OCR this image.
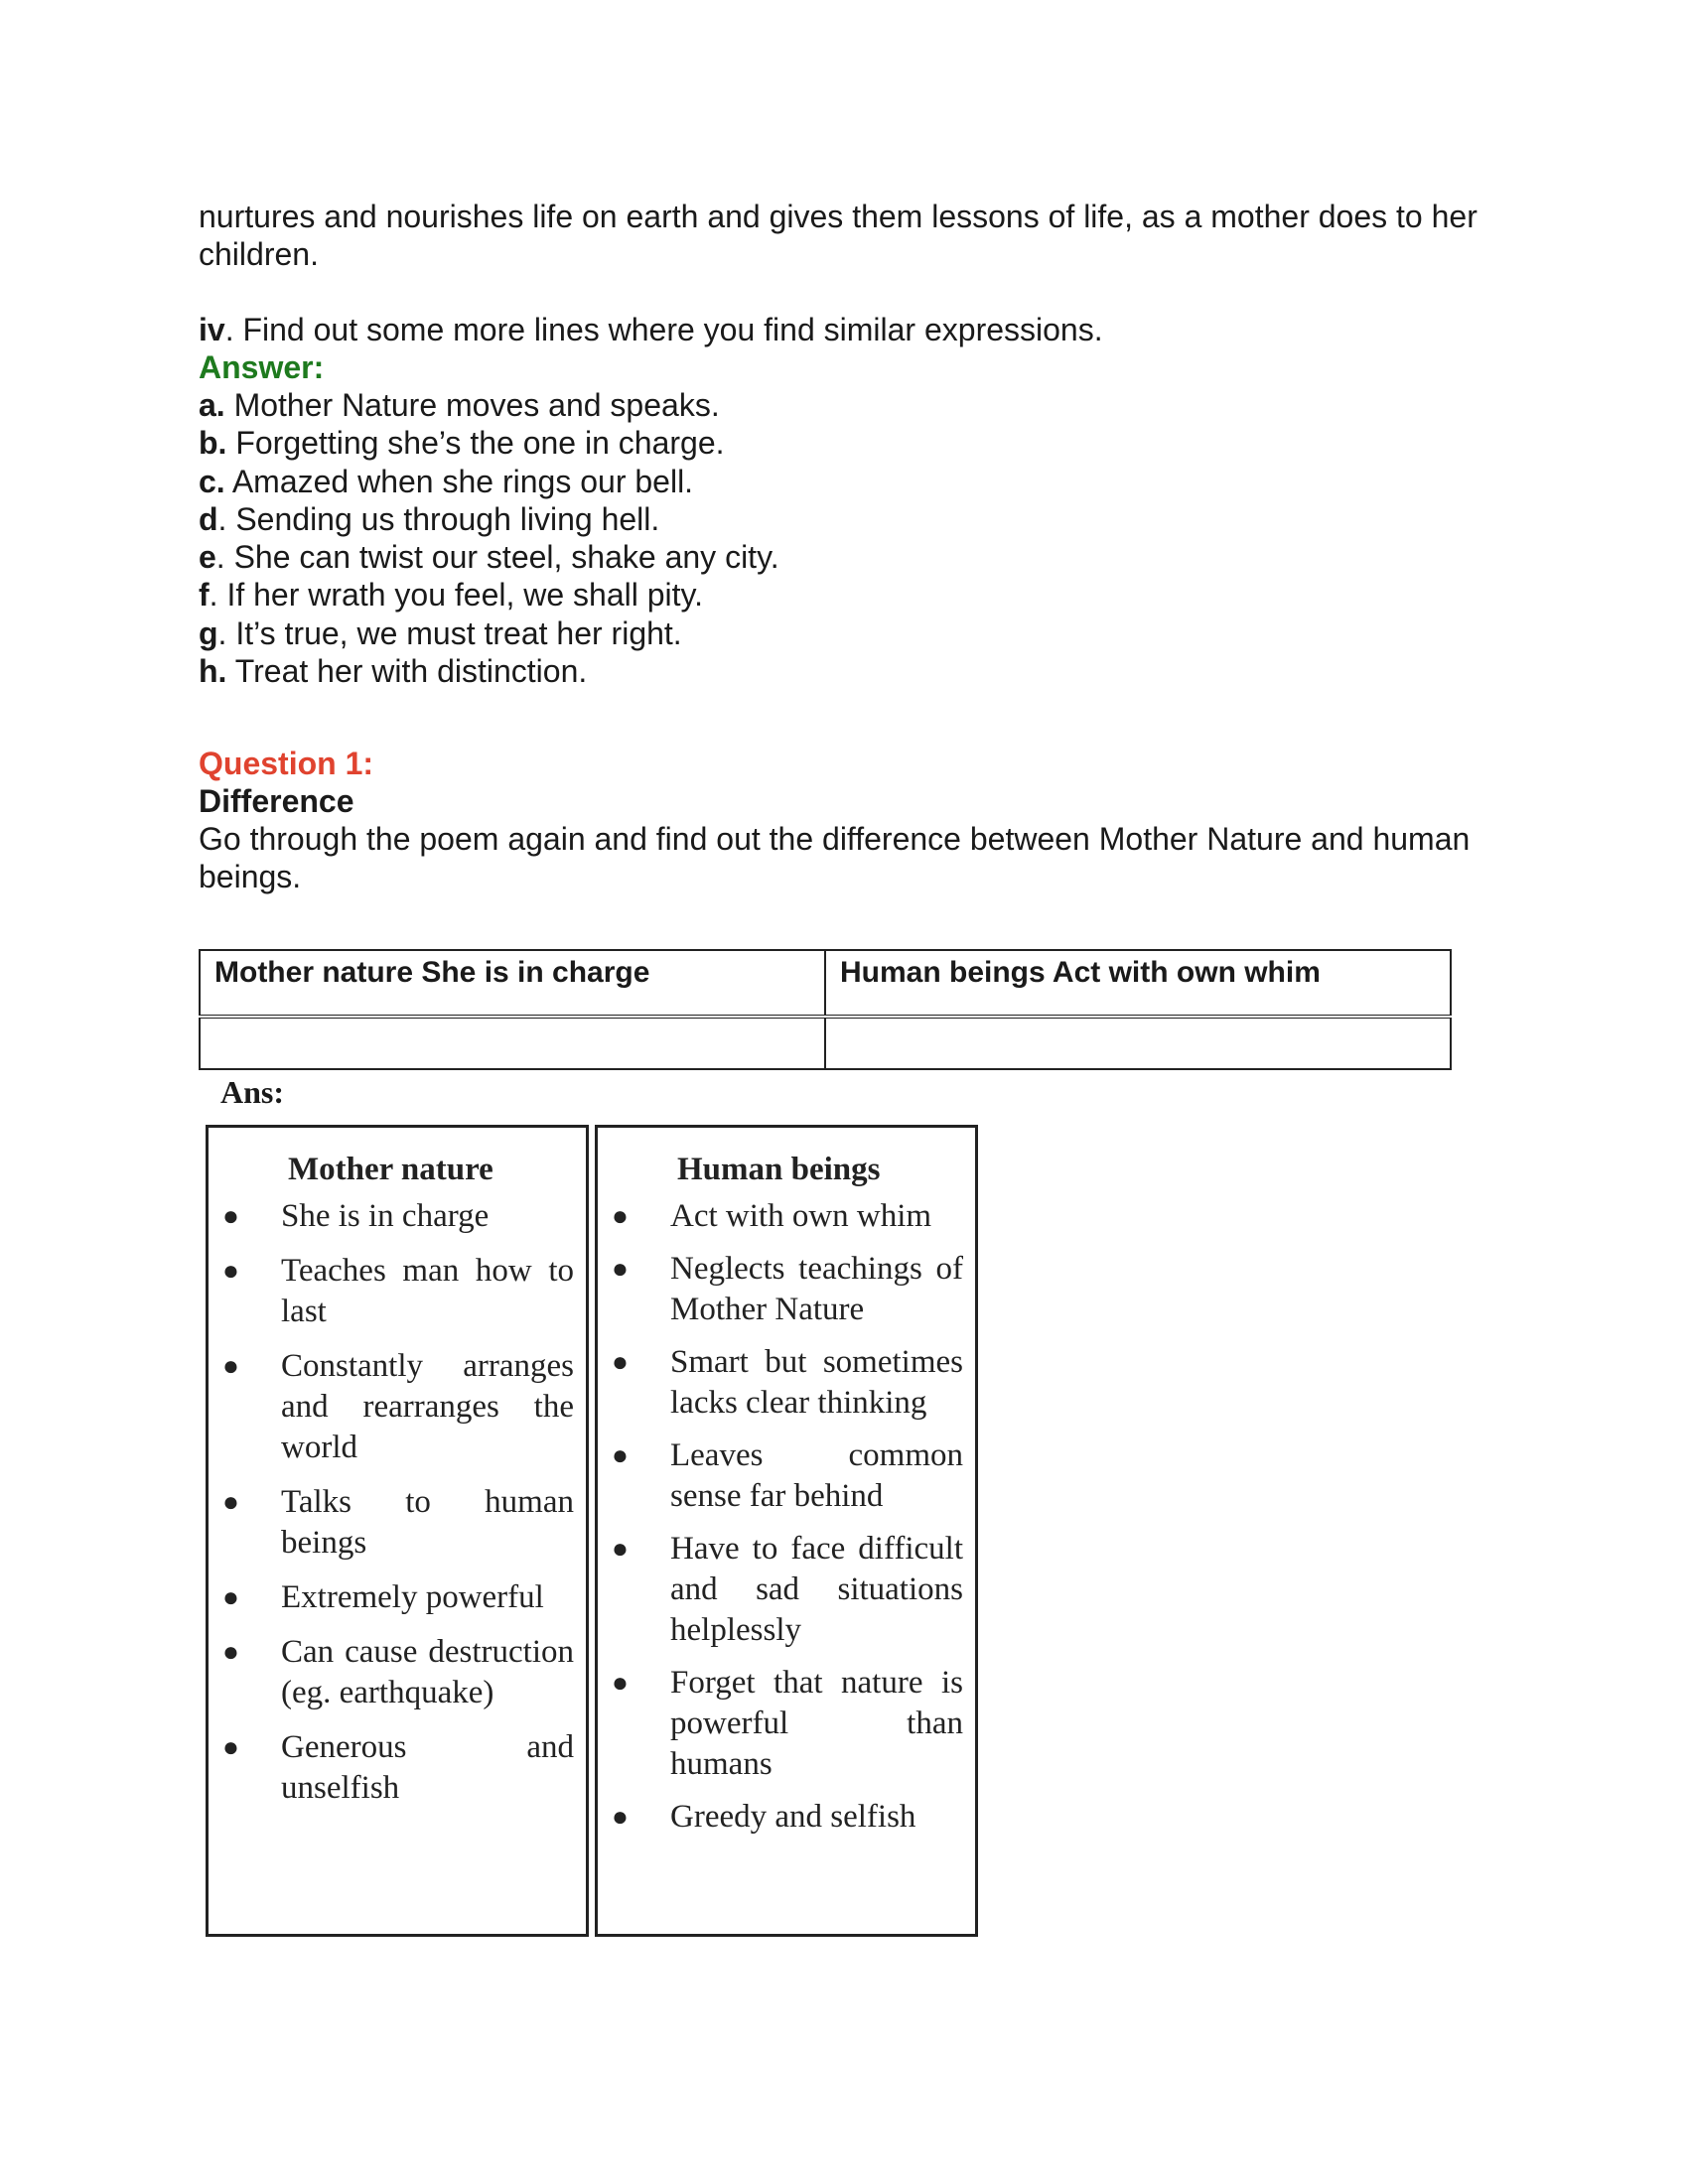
nurtures and nourishes life on earth and gives them lessons of life, as a mother does to her children.
iv. Find out some more lines where you find similar expressions.
Answer:
a. Mother Nature moves and speaks.
b. Forgetting she’s the one in charge.
c. Amazed when she rings our bell.
d. Sending us through living hell.
e. She can twist our steel, shake any city.
f. If her wrath you feel, we shall pity.
g. It’s true, we must treat her right.
h. Treat her with distinction.
Question 1:
Difference
Go through the poem again and find out the difference between Mother Nature and human beings.
Mother nature She is in charge	Human beings Act with own whim

Ans:
Mother nature
● She is in charge
● Teaches man how to last
● Constantly arranges and rearranges the world
● Talks to human beings
● Extremely powerful
● Can cause destruction (eg. earthquake)
● Generous and unselfish
Human beings
● Act with own whim
● Neglects teachings of Mother Nature
● Smart but sometimes lacks clear thinking
● Leaves common sense far behind
● Have to face difficult and sad situations helplessly
● Forget that nature is powerful than humans
● Greedy and selfish
